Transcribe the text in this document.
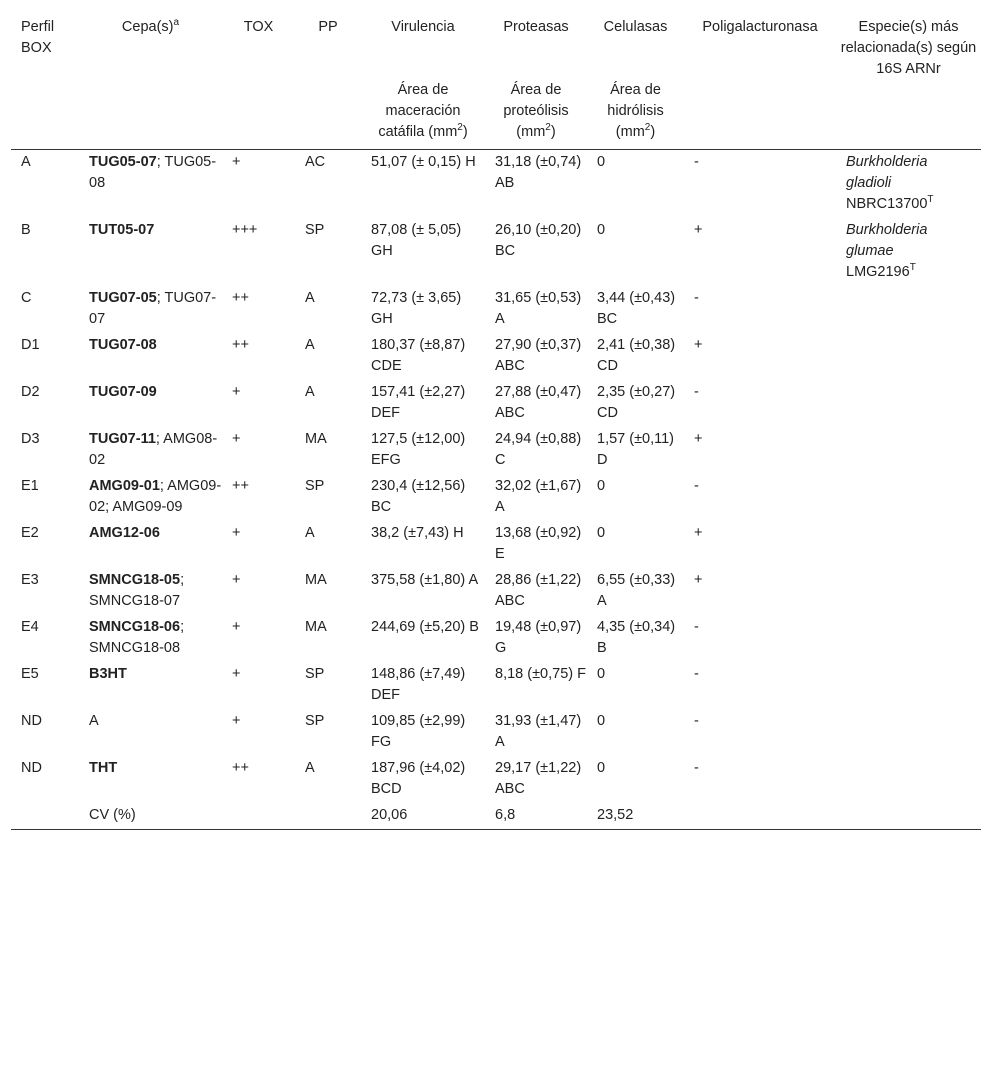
Perfil BOX	$Cepa(s)^a$	TOX	PP	Virulencia	Proteasas	Celulasas	Poligalacturonasa	Especie(s) más relacionada(s) según 16S ARNr
				Área de maceración catáfila $(mm^2)$	Área de proteólisis $(mm^2)$	Área de hidrólisis $(mm^2)$		
A	TUG05-07; TUG05-08	+	AC	51,07 (± 0,15) H	31,18 (±0,74) AB	0	-	Burkholderia
gladioli
$NBRC13700^T$
B	TUT05-07	+++	SP	87,08 (± 5,05) GH	26,10 (±0,20) BC	0	+	Burkholderia
glumae
$LMG2196^T$
C	TUG07-05; TUG07-07	++	A	72,73 (± 3,65) GH	31,65 (±0,53) A	3,44 (±0,43) BC	-	
D1	TUG07-08	++	A	180,37 (±8,87) CDE	27,90 (±0,37) ABC	2,41 (±0,38) CD	+	
D2	TUG07-09	+	A	157,41 (±2,27) DEF	27,88 (±0,47) ABC	2,35 (±0,27) CD	-	
D3	TUG07-11; AMG08-02	+	MA	127,5 (±12,00) EFG	24,94 (±0,88) C	1,57 (±0,11) D	+	
E1	AMG09-01; AMG09-02; AMG09-09	++	SP	230,4 (±12,56) BC	32,02 (±1,67) A	0	-	
E2	AMG12-06	+	A	38,2 (±7,43) H	13,68 (±0,92) E	0	+	
E3	SMNCG18-05; SMNCG18-07	+	MA	375,58 (±1,80) A	28,86 (±1,22) ABC	6,55 (±0,33) A	+	
E4	SMNCG18-06; SMNCG18-08	+	MA	244,69 (±5,20) B	19,48 (±0,97) G	4,35 (±0,34) B	-	
E5	B3HT	+	SP	148,86 (±7,49) DEF	8,18 (±0,75) F	0	-	
ND	A	+	SP	109,85 (±2,99) FG	31,93 (±1,47) A	0	-	
ND	THT	++	A	187,96 (±4,02) BCD	29,17 (±1,22) ABC	0	-	
	CV (%)			20,06	6,8	23,52		
